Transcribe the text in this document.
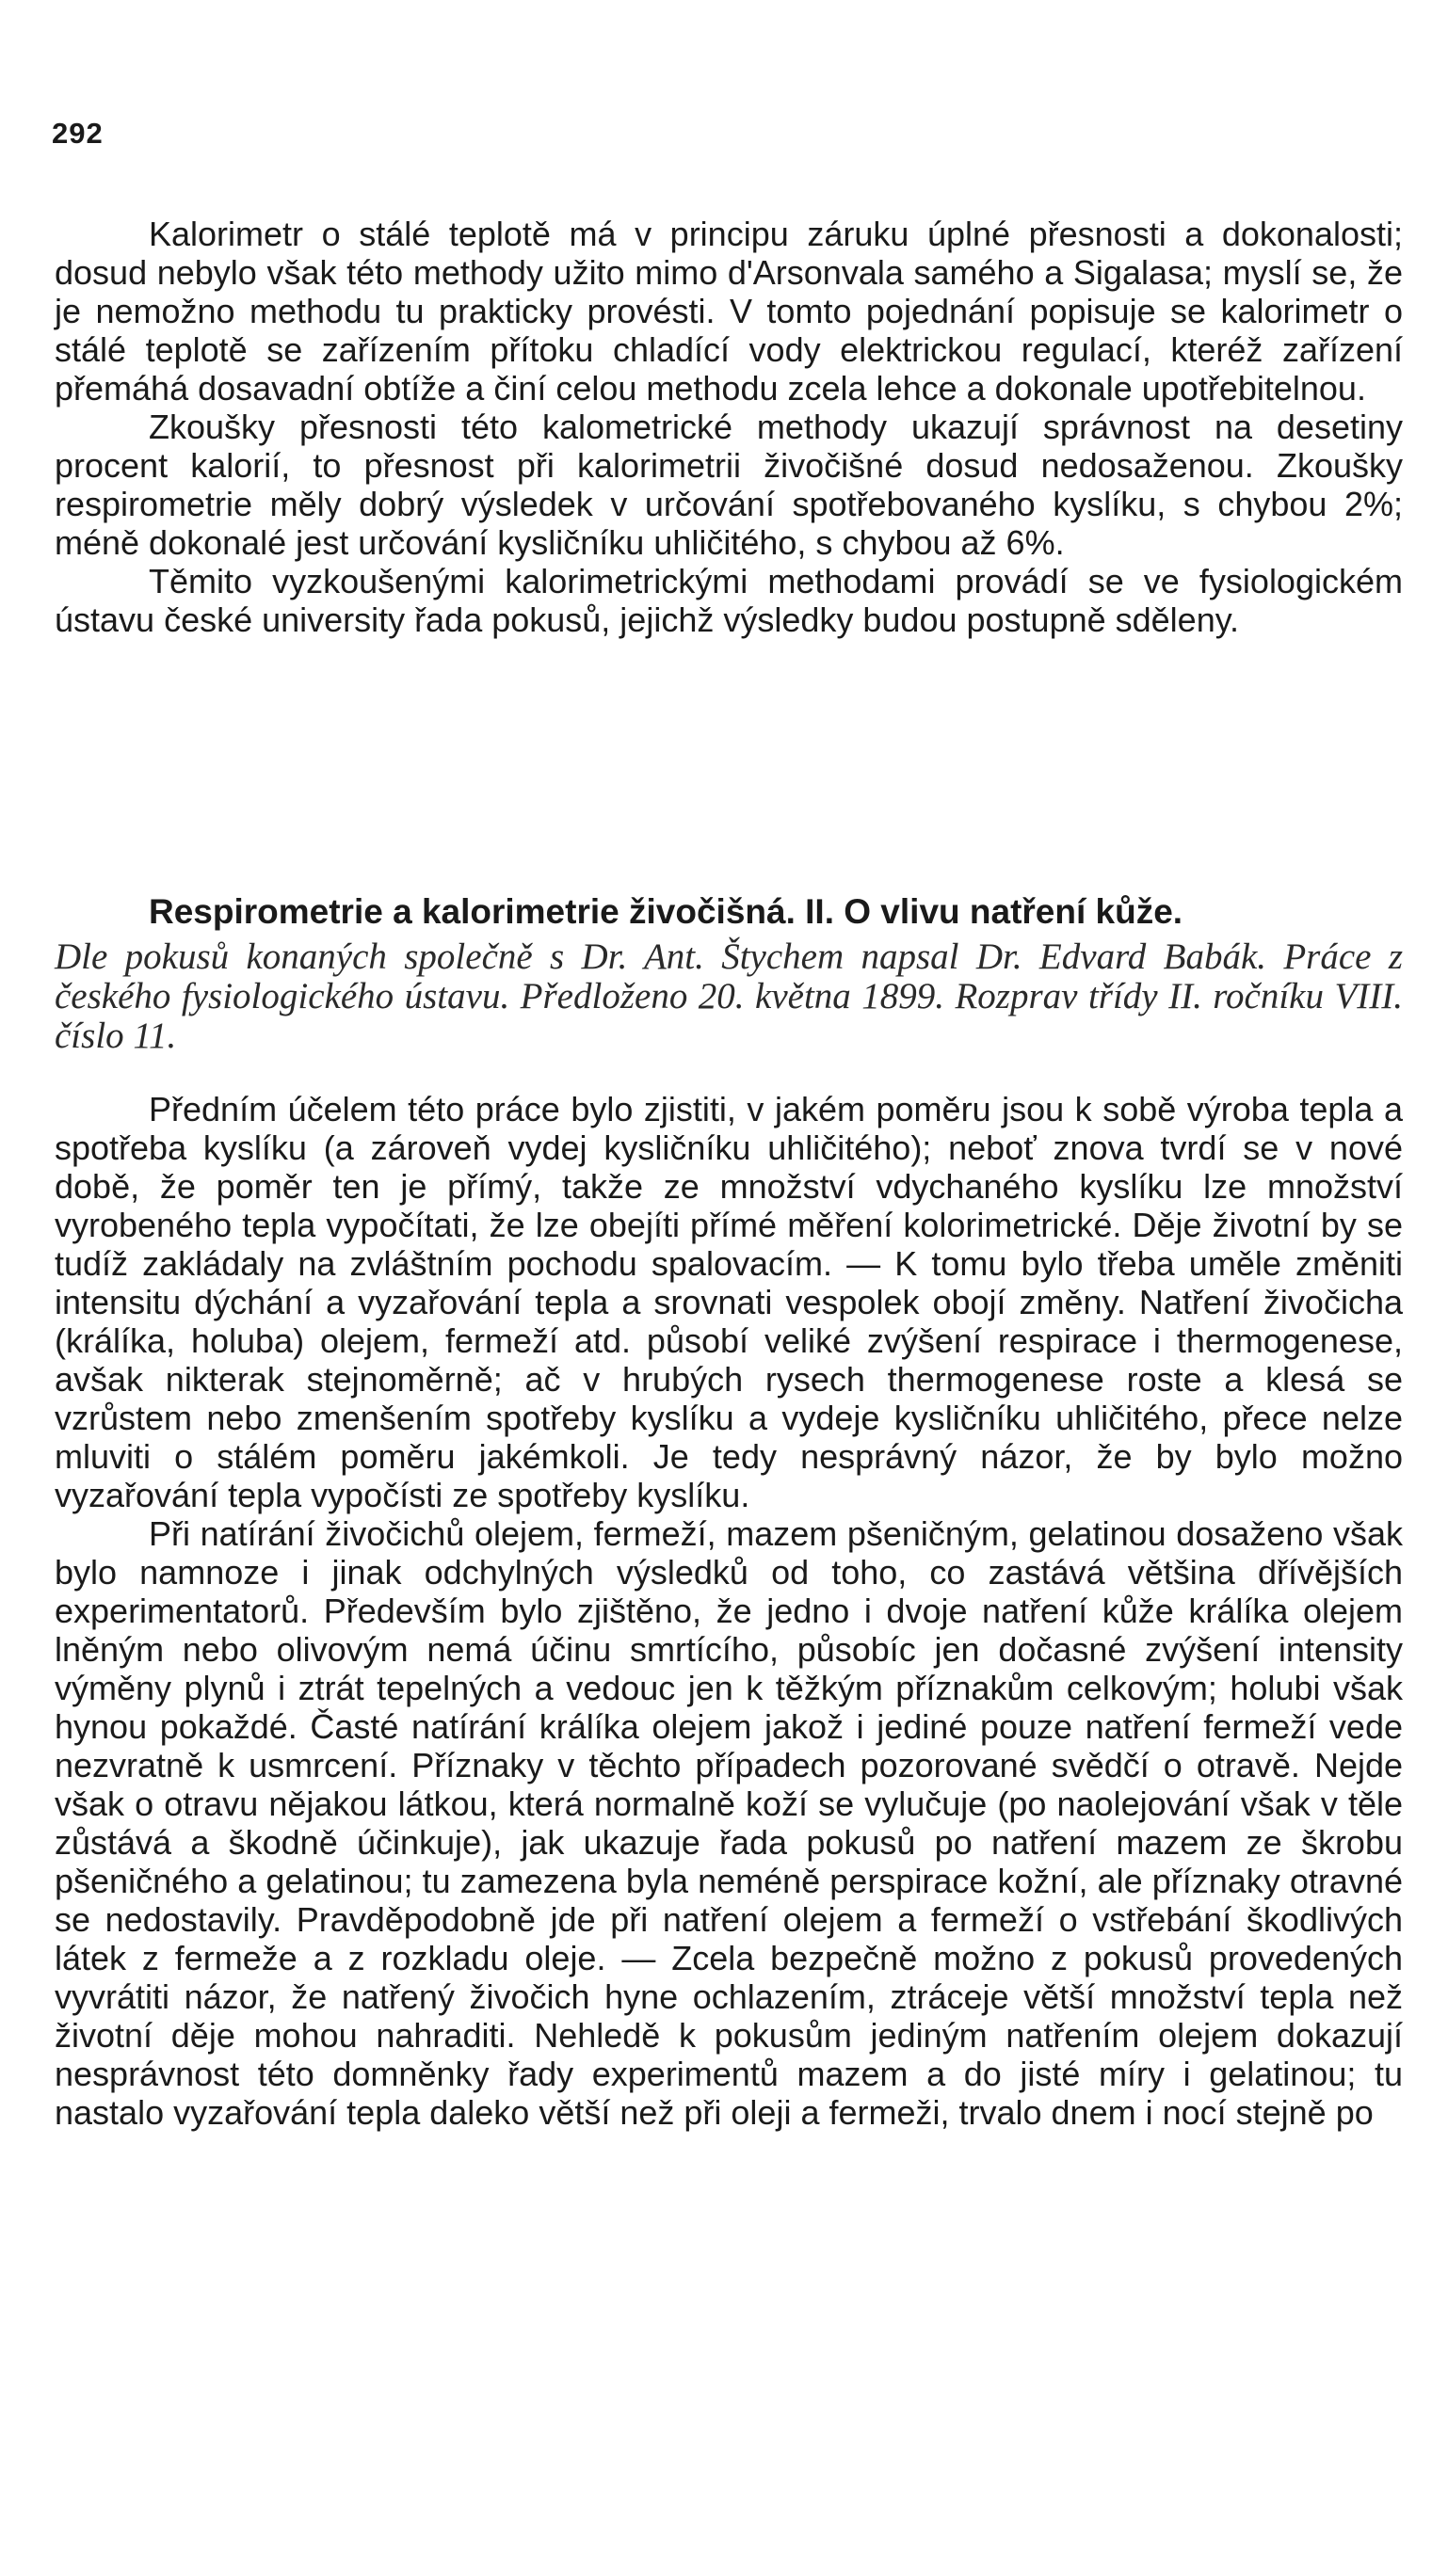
292

Kalorimetr o stálé teplotě má v principu záruku úplné přesnosti a dokonalosti; dosud nebylo však této methody užito mimo d'Arsonvala samého a Sigalasa; myslí se, že je nemožno methodu tu prakticky provésti. V tomto pojednání popisuje se kalorimetr o stálé teplotě se zařízením přítoku chladící vody elektrickou regulací, kteréž zařízení přemáhá dosavadní obtíže a činí celou methodu zcela lehce a dokonale upotřebitelnou.

Zkoušky přesnosti této kalometrické methody ukazují správnost na desetiny procent kalorií, to přesnost při kalorimetrii živočišné dosud nedosaženou. Zkoušky respirometrie měly dobrý výsledek v určování spotřebovaného kyslíku, s chybou 2%; méně dokonalé jest určování kysličníku uhličitého, s chybou až 6%.

Těmito vyzkoušenými kalorimetrickými methodami provádí se ve fysiologickém ústavu české university řada pokusů, jejichž výsledky budou postupně sděleny.

Respirometrie a kalorimetrie živočišná. II. O vlivu natření kůže.

Dle pokusů konaných společně s Dr. Ant. Štychem napsal Dr. Edvard Babák. Práce z českého fysiologického ústavu. Předloženo 20. května 1899. Rozprav třídy II. ročníku VIII. číslo 11.

Předním účelem této práce bylo zjistiti, v jakém poměru jsou k sobě výroba tepla a spotřeba kyslíku (a zároveň vydej kysličníku uhličitého); neboť znova tvrdí se v nové době, že poměr ten je přímý, takže ze množství vdychaného kyslíku lze množství vyrobeného tepla vypočítati, že lze obejíti přímé měření kolorimetrické. Děje životní by se tudíž zakládaly na zvláštním pochodu spalovacím. — K tomu bylo třeba uměle změniti intensitu dýchání a vyzařování tepla a srovnati vespolek obojí změny. Natření živočicha (králíka, holuba) olejem, fermeží atd. působí veliké zvýšení respirace i thermogenese, avšak nikterak stejnoměrně; ač v hrubých rysech thermogenese roste a klesá se vzrůstem nebo zmenšením spotřeby kyslíku a vydeje kysličníku uhličitého, přece nelze mluviti o stálém poměru jakémkoli. Je tedy nesprávný názor, že by bylo možno vyzařování tepla vypočísti ze spotřeby kyslíku.

Při natírání živočichů olejem, fermeží, mazem pšeničným, gelatinou dosaženo však bylo namnoze i jinak odchylných výsledků od toho, co zastává většina dřívějších experimentatorů. Především bylo zjištěno, že jedno i dvoje natření kůže králíka olejem lněným nebo olivovým nemá účinu smrtícího, působíc jen dočasné zvýšení intensity výměny plynů i ztrát tepelných a vedouc jen k těžkým příznakům celkovým; holubi však hynou pokaždé. Časté natírání králíka olejem jakož i jediné pouze natření fermeží vede nezvratně k usmrcení. Příznaky v těchto případech pozorované svědčí o otravě. Nejde však o otravu nějakou látkou, která normalně koží se vylučuje (po naolejování však v těle zůstává a škodně účinkuje), jak ukazuje řada pokusů po natření mazem ze škrobu pšeničného a gelatinou; tu zamezena byla neméně perspirace kožní, ale příznaky otravné se nedostavily. Pravděpodobně jde při natření olejem a fermeží o vstřebání škodlivých látek z fermeže a z rozkladu oleje. — Zcela bezpečně možno z pokusů provedených vyvrátiti názor, že natřený živočich hyne ochlazením, ztráceje větší množství tepla než životní děje mohou nahraditi. Nehledě k pokusům jediným natřením olejem dokazují nesprávnost této domněnky řady experimentů mazem a do jisté míry i gelatinou; tu nastalo vyzařování tepla daleko větší než při oleji a fermeži, trvalo dnem i nocí stejně po
